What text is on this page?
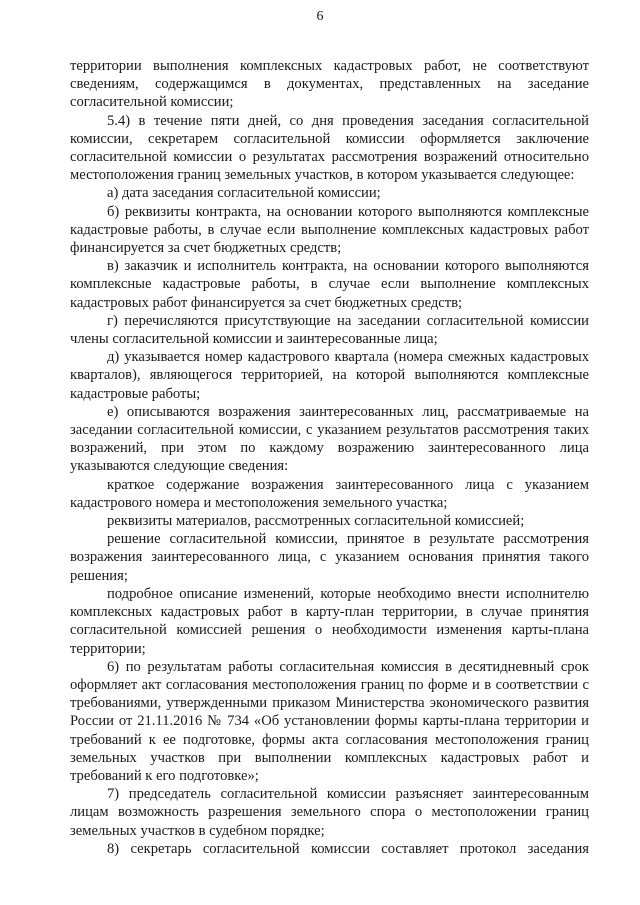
6

территории выполнения комплексных кадастровых работ, не соответствуют сведениям, содержащимся в документах, представленных на заседание согласительной комиссии;

5.4) в течение пяти дней, со дня проведения заседания согласительной комиссии, секретарем согласительной комиссии оформляется заключение согласительной комиссии о результатах рассмотрения возражений относительно местоположения границ земельных участков, в котором указывается следующее:

а) дата заседания согласительной комиссии;

б) реквизиты контракта, на основании которого выполняются комплексные кадастровые работы, в случае если выполнение комплексных кадастровых работ финансируется за счет бюджетных средств;

в) заказчик и исполнитель контракта, на основании которого выполняются комплексные кадастровые работы, в случае если выполнение комплексных кадастровых работ финансируется за счет бюджетных средств;

г) перечисляются присутствующие на заседании согласительной комиссии члены согласительной комиссии и заинтересованные лица;

д) указывается номер кадастрового квартала (номера смежных кадастровых кварталов), являющегося территорией, на которой выполняются комплексные кадастровые работы;

е) описываются возражения заинтересованных лиц, рассматриваемые на заседании согласительной комиссии, с указанием результатов рассмотрения таких возражений, при этом по каждому возражению заинтересованного лица указываются следующие сведения:

краткое содержание возражения заинтересованного лица с указанием кадастрового номера и местоположения земельного участка;

реквизиты материалов, рассмотренных согласительной комиссией;

решение согласительной комиссии, принятое в результате рассмотрения возражения заинтересованного лица, с указанием основания принятия такого решения;

подробное описание изменений, которые необходимо внести исполнителю комплексных кадастровых работ в карту-план территории, в случае принятия согласительной комиссией решения о необходимости изменения карты-плана территории;

6) по результатам работы согласительная комиссия в десятидневный срок оформляет акт согласования местоположения границ по форме и в соответствии с требованиями, утвержденными приказом Министерства экономического развития России от 21.11.2016 № 734 «Об установлении формы карты-плана территории и требований к ее подготовке, формы акта согласования местоположения границ земельных участков при выполнении комплексных кадастровых работ и требований к его подготовке»;

7) председатель согласительной комиссии разъясняет заинтересованным лицам возможность разрешения земельного спора о местоположении границ земельных участков в судебном порядке;

8) секретарь согласительной комиссии составляет протокол заседания
